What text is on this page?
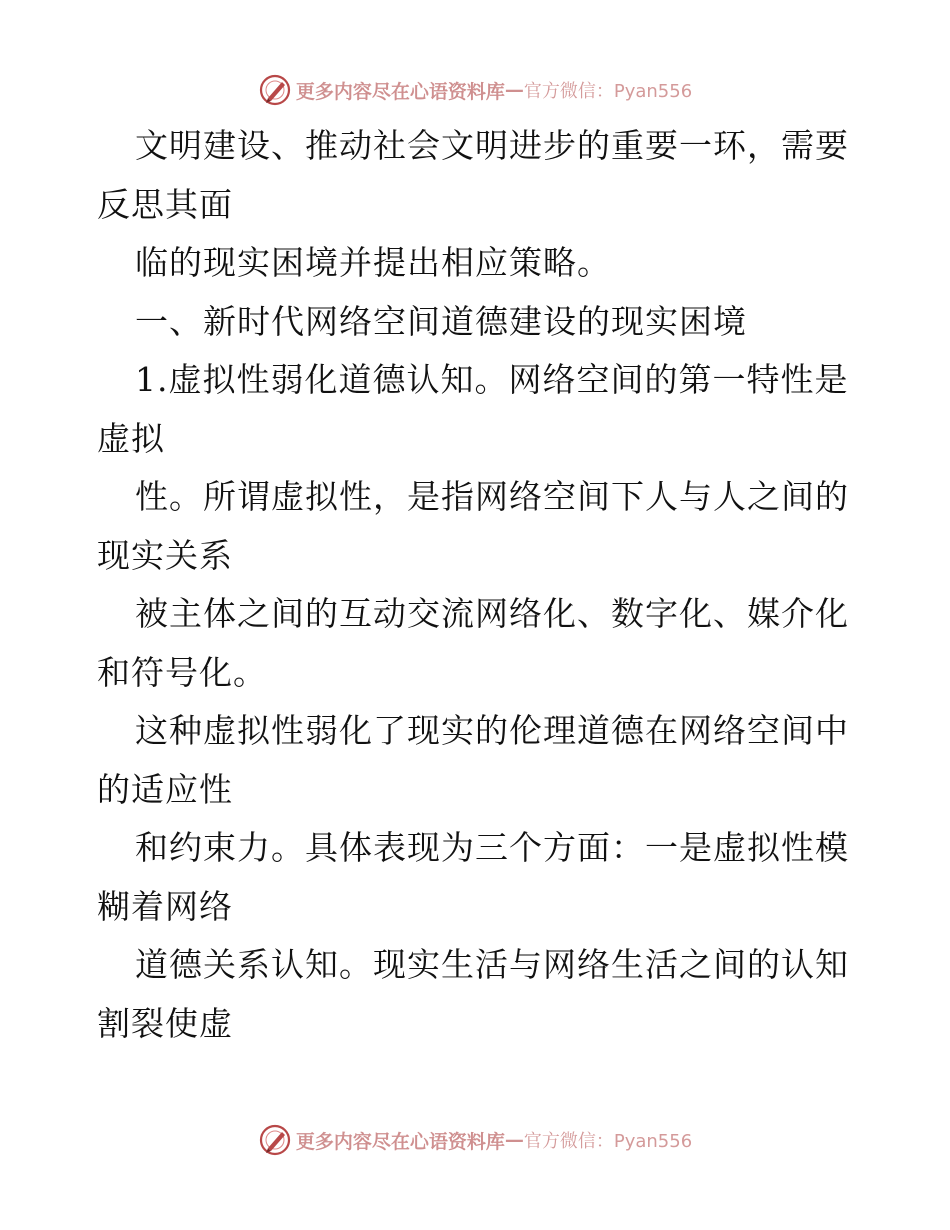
更多内容尽在心语资料库 — 官方微信：Pyan556
文明建设、推动社会文明进步的重要一环，需要
反思其面
临的现实困境并提出相应策略。
一、新时代网络空间道德建设的现实困境
1.虚拟性弱化道德认知。网络空间的第一特性是
虚拟
性。所谓虚拟性，是指网络空间下人与人之间的
现实关系
被主体之间的互动交流网络化、数字化、媒介化
和符号化。
这种虚拟性弱化了现实的伦理道德在网络空间中
的适应性
和约束力。具体表现为三个方面：一是虚拟性模
糊着网络
道德关系认知。现实生活与网络生活之间的认知
割裂使虚
更多内容尽在心语资料库 — 官方微信：Pyan556
